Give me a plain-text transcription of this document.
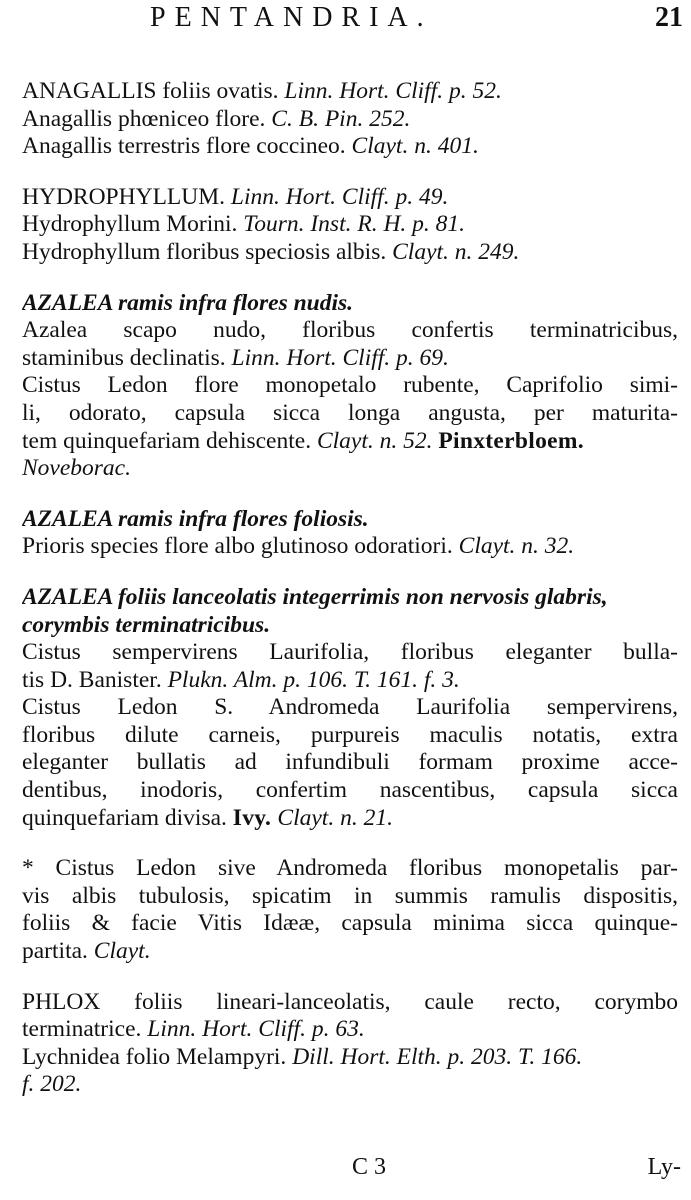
PENTANDRIA.	21
ANAGALLIS foliis ovatis. Linn. Hort. Cliff. p. 52.
Anagallis phœniceo flore. C. B. Pin. 252.
Anagallis terrestris flore coccineo. Clayt. n. 401.
HYDROPHYLLUM. Linn. Hort. Cliff. p. 49.
Hydrophyllum Morini. Tourn. Inst. R. H. p. 81.
Hydrophyllum floribus speciosis albis. Clayt. n. 249.
AZALEA ramis infra flores nudis.
Azalea scapo nudo, floribus confertis terminatricibus,
staminibus declinatis. Linn. Hort. Cliff. p. 69.
Cistus Ledon flore monopetalo rubente, Caprifolio simi-
li, odorato, capsula sicca longa angusta, per maturita-
tem quinquefariam dehiscente. Clayt. n. 52. Pinxterbloem.
Noveborac.
AZALEA ramis infra flores foliosis.
Prioris species flore albo glutinoso odoratiori. Clayt. n. 32.
AZALEA foliis lanceolatis integerrimis non nervosis glabris,
corymbis terminatricibus.
Cistus sempervirens Laurifolia, floribus eleganter bulla-
tis D. Banister. Plukn. Alm. p. 106. T. 161. f. 3.
Cistus Ledon S. Andromeda Laurifolia sempervirens,
floribus dilute carneis, purpureis maculis notatis, extra
eleganter bullatis ad infundibuli formam proxime acce-
dentibus, inodoris, confertim nascentibus, capsula sicca
quinquefariam divisa. Ivy. Clayt. n. 21.
* Cistus Ledon sive Andromeda floribus monopetalis par-
vis albis tubulosis, spicatim in summis ramulis dispositis,
foliis & facie Vitis Idææ, capsula minima sicca quinque-
partita. Clayt.
PHLOX foliis lineari-lanceolatis, caule recto, corymbo
terminatrice. Linn. Hort. Cliff. p. 63.
Lychnidea folio Melampyri. Dill. Hort. Elth. p. 203. T. 166.
f. 202.
C 3	Ly-
